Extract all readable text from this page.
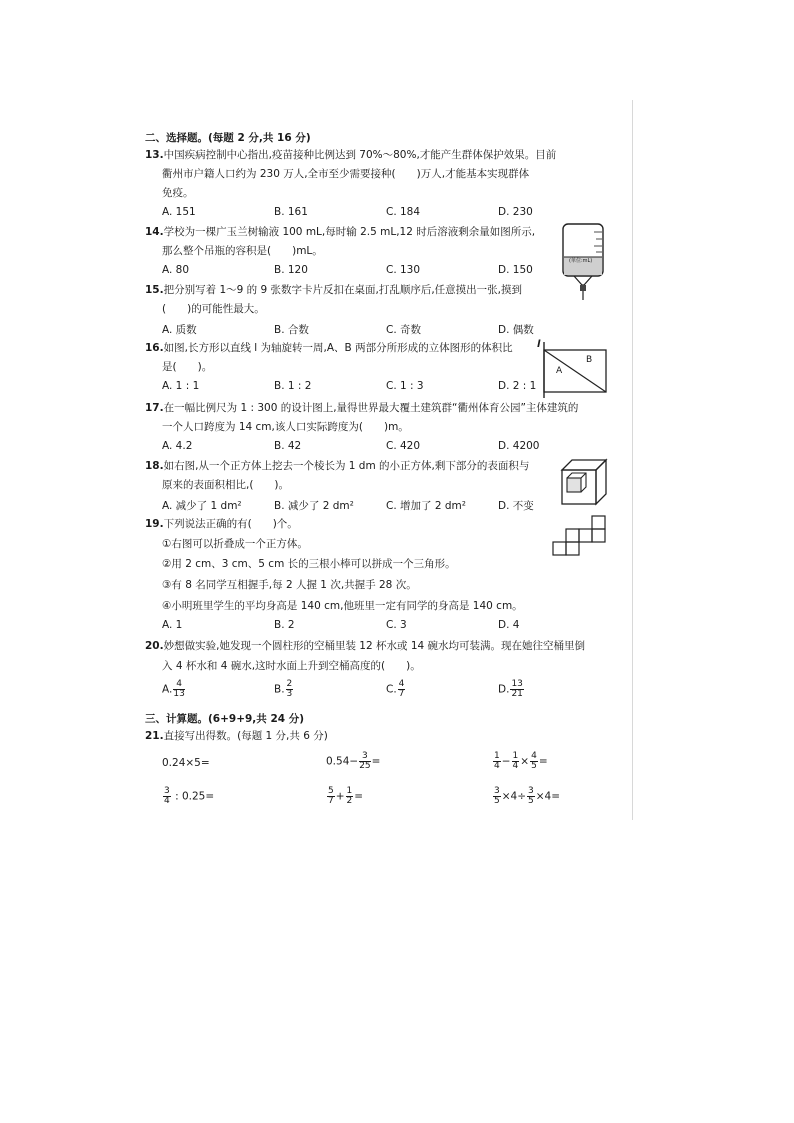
二、选择题。(每题 2 分,共 16 分)
13.中国疾病控制中心指出,疫苗接种比例达到 70%～80%,才能产生群体保护效果。目前
衢州市户籍人口约为 230 万人,全市至少需要接种(　　)万人,才能基本实现群体
免疫。
A. 151	B. 161	C. 184	D. 230
14.学校为一棵广玉兰树输液 100 mL,每时输 2.5 mL,12 时后溶液剩余量如图所示,
那么整个吊瓶的容积是(　　)mL。
A. 80	B. 120	C. 130	D. 150
(单位:mL)
15.把分别写着 1～9 的 9 张数字卡片反扣在桌面,打乱顺序后,任意摸出一张,摸到
(　　)的可能性最大。
A. 质数	B. 合数	C. 奇数	D. 偶数
16.如图,长方形以直线 l 为轴旋转一周,A、B 两部分所形成的立体图形的体积比
是(　　)。
A. 1 : 1	B. 1 : 2	C. 1 : 3	D. 2 : 1
l
A
B
17.在一幅比例尺为 1 : 300 的设计图上,量得世界最大覆土建筑群“衢州体育公园”主体建筑的
一个人口跨度为 14 cm,该人口实际跨度为(　　)m。
A. 4.2	B. 42	C. 420	D. 4200
18.如右图,从一个正方体上挖去一个棱长为 1 dm 的小正方体,剩下部分的表面积与
原来的表面积相比,(　　)。
A. 减少了 1 dm²	B. 减少了 2 dm²	C. 增加了 2 dm²	D. 不变
19.下列说法正确的有(　　)个。
①右图可以折叠成一个正方体。
②用 2 cm、3 cm、5 cm 长的三根小棒可以拼成一个三角形。
③有 8 名同学互相握手,每 2 人握 1 次,共握手 28 次。
④小明班里学生的平均身高是 140 cm,他班里一定有同学的身高是 140 cm。
A. 1	B. 2	C. 3	D. 4
20.妙想做实验,她发现一个圆柱形的空桶里装 12 杯水或 14 碗水均可装满。现在她往空桶里倒
入 4 杯水和 4 碗水,这时水面上升到空桶高度的(　　)。
A. $\frac{4}{13}$	B. $\frac{2}{3}$	C. $\frac{4}{7}$	D. $\frac{13}{21}$
三、计算题。(6+9+9,共 24 分)
21.直接写出得数。(每题 1 分,共 6 分)
0.24×5=	$0.54- \frac{3}{25}$ =	$\frac{1}{4} - \frac{1}{4} \times \frac{4}{5}$ =
$\frac{3}{4}$ : 0.25=	$\frac{5}{7} + \frac{1}{2}$ =	$\frac{3}{5} \times 4\div \frac{3}{5} \times 4=$
